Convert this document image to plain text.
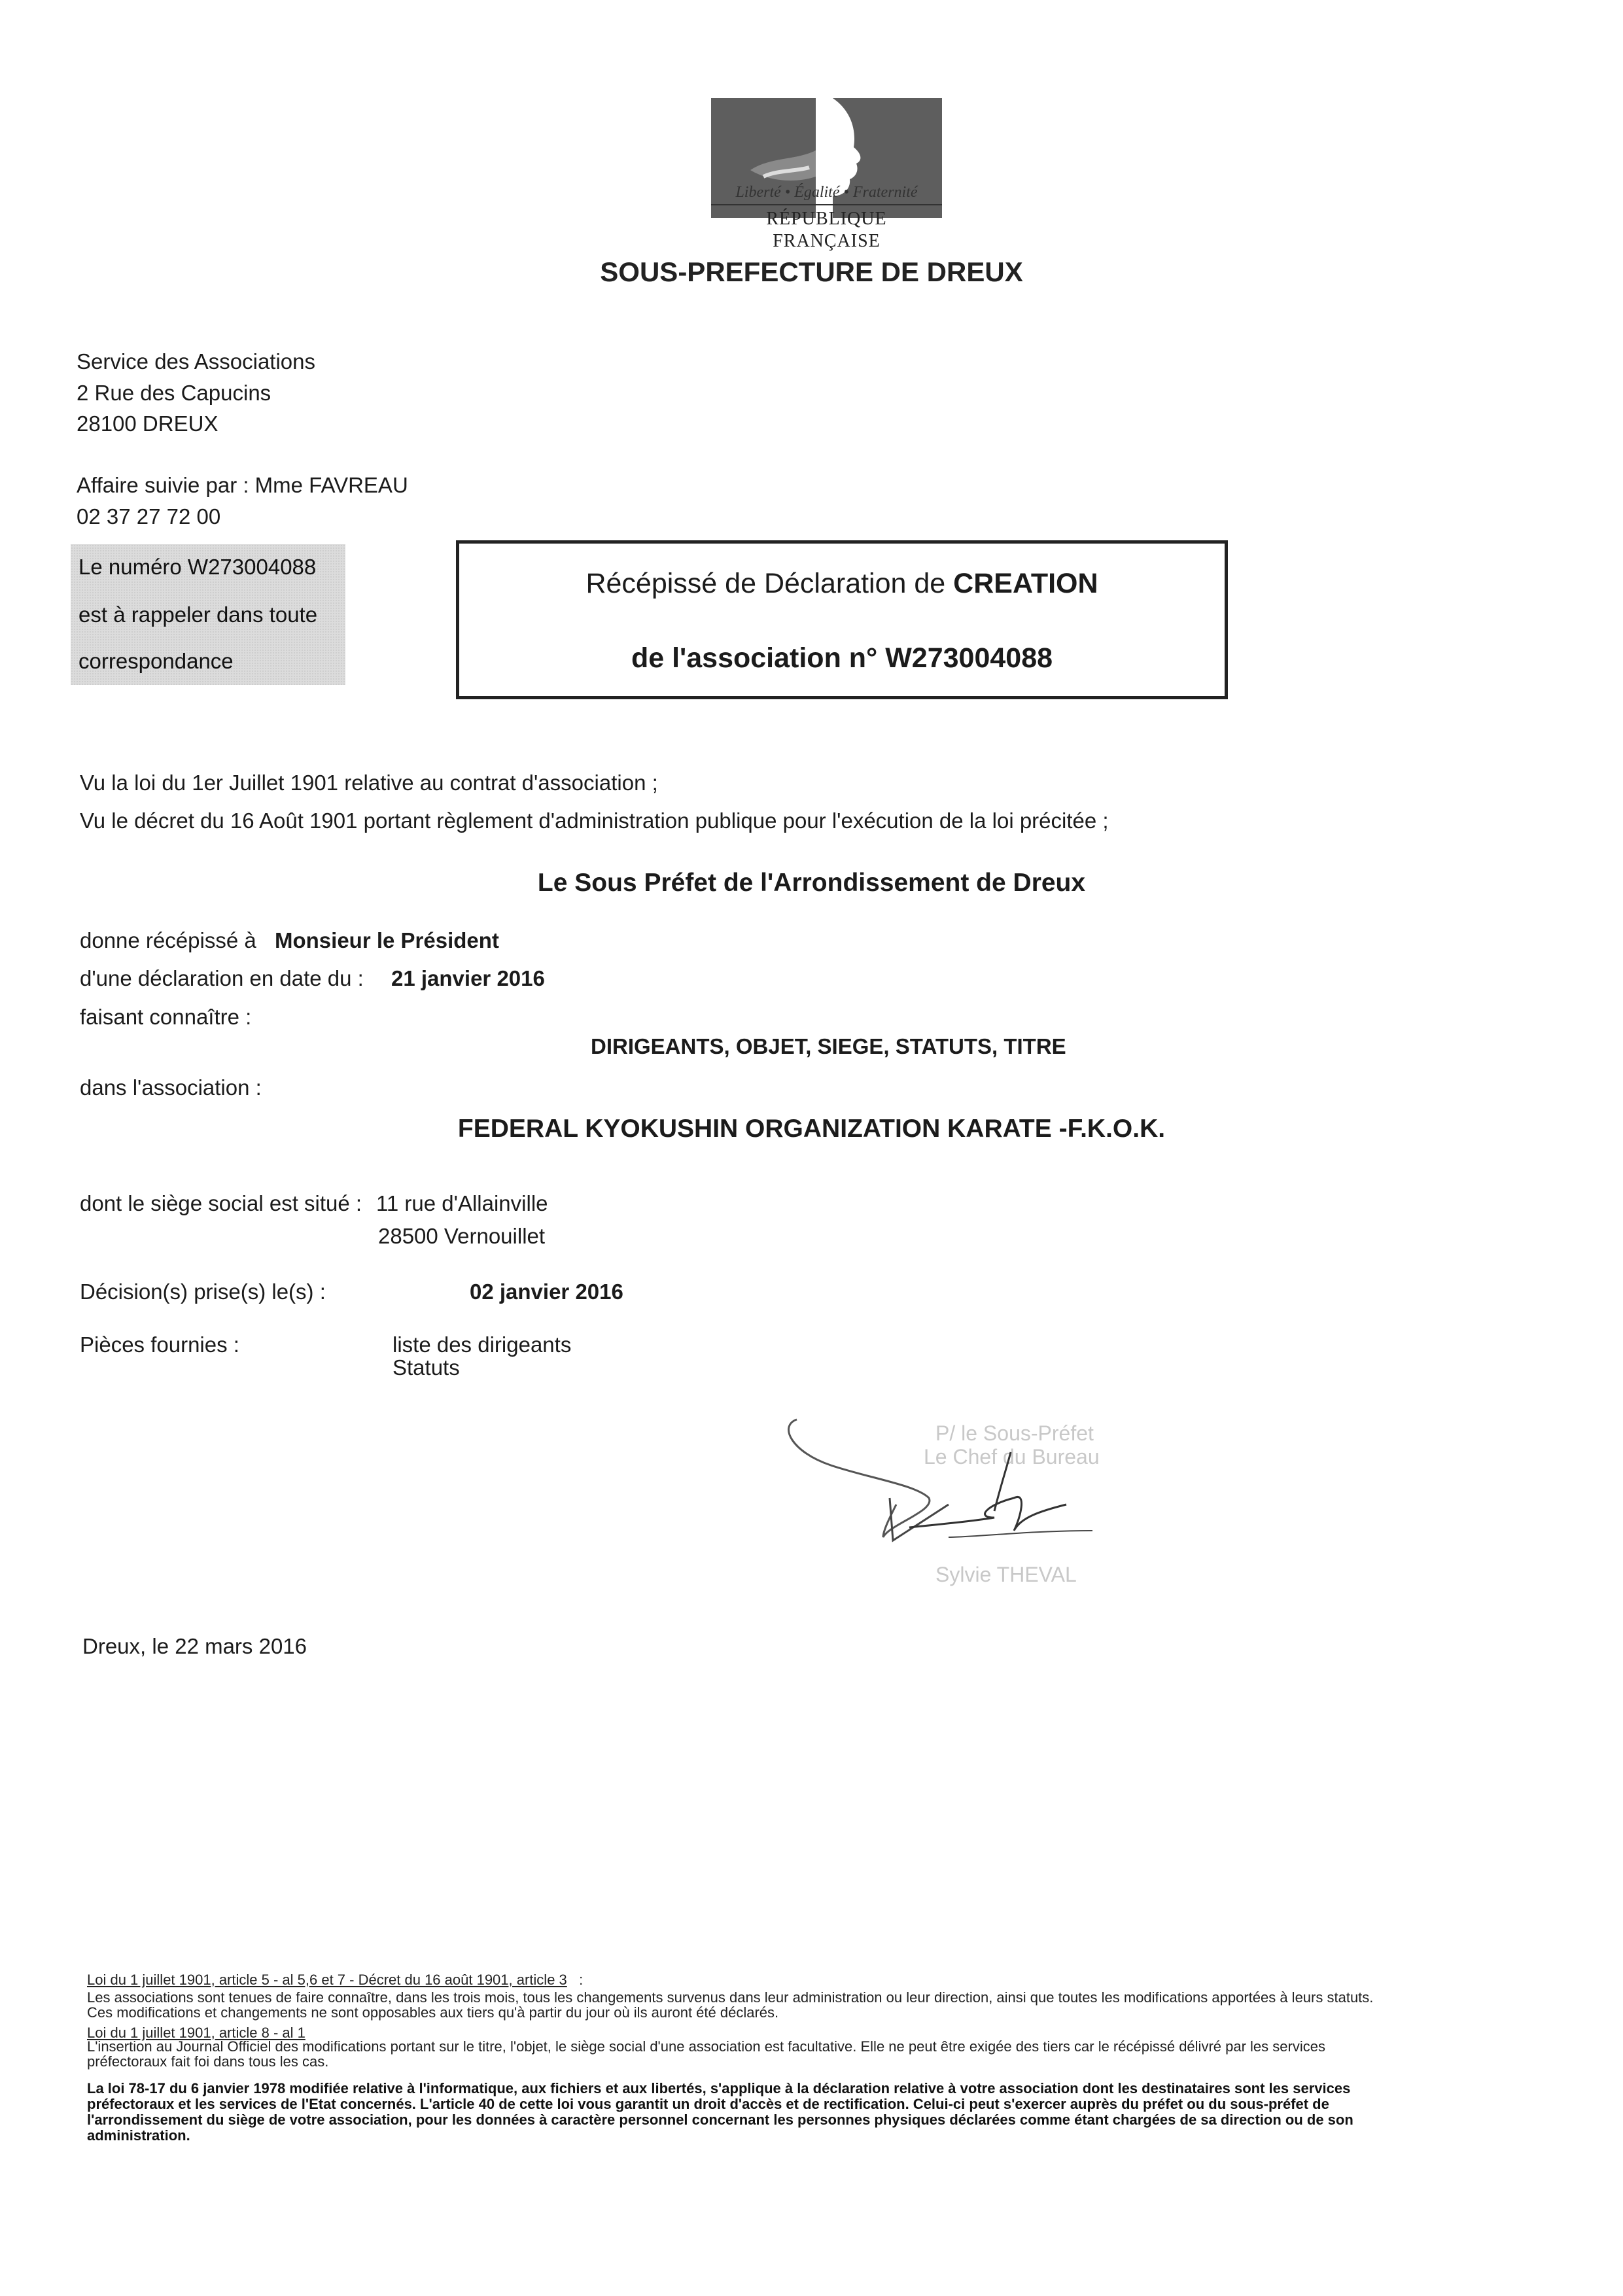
Liberté • Égalité • Fraternité
RÉPUBLIQUE FRANÇAISE
SOUS-PREFECTURE DE DREUX
Service des Associations
2 Rue des Capucins
28100 DREUX
Affaire suivie par : Mme FAVREAU
02 37 27 72 00
Le numéro W273004088
est à rappeler dans toute
correspondance
Récépissé de Déclaration de CREATION
de l'association n° W273004088
Vu la loi du 1er Juillet 1901 relative au contrat d'association ;
Vu le décret du 16 Août 1901 portant règlement d'administration publique pour l'exécution de la loi précitée ;
Le Sous Préfet de l'Arrondissement de Dreux
donne récépissé à Monsieur le Président
d'une déclaration en date du : 21 janvier 2016
faisant connaître :
DIRIGEANTS, OBJET, SIEGE, STATUTS, TITRE
dans l'association :
FEDERAL KYOKUSHIN ORGANIZATION KARATE -F.K.O.K.
dont le siège social est situé : 11 rue d'Allainville
28500 Vernouillet
Décision(s) prise(s) le(s) :	02 janvier 2016
Pièces fournies :	liste des dirigeants
Statuts
P/ le Sous-Préfet
Le Chef du Bureau
Sylvie THEVAL
Dreux, le 22 mars 2016
Loi du 1 juillet 1901, article 5 - al 5,6 et 7 - Décret du 16 août 1901, article 3 :
Les associations sont tenues de faire connaître, dans les trois mois, tous les changements survenus dans leur administration ou leur direction, ainsi que toutes les modifications apportées à leurs statuts.
Ces modifications et changements ne sont opposables aux tiers qu'à partir du jour où ils auront été déclarés.
Loi du 1 juillet 1901, article 8 - al 1
L'insertion au Journal Officiel des modifications portant sur le titre, l'objet, le siège social d'une association est facultative. Elle ne peut être exigée des tiers car le récépissé délivré par les services
préfectoraux fait foi dans tous les cas.
La loi 78-17 du 6 janvier 1978 modifiée relative à l'informatique, aux fichiers et aux libertés, s'applique à la déclaration relative à votre association dont les destinataires sont les services
préfectoraux et les services de l'Etat concernés. L'article 40 de cette loi vous garantit un droit d'accès et de rectification. Celui-ci peut s'exercer auprès du préfet ou du sous-préfet de
l'arrondissement du siège de votre association, pour les données à caractère personnel concernant les personnes physiques déclarées comme étant chargées de sa direction ou de son
administration.
